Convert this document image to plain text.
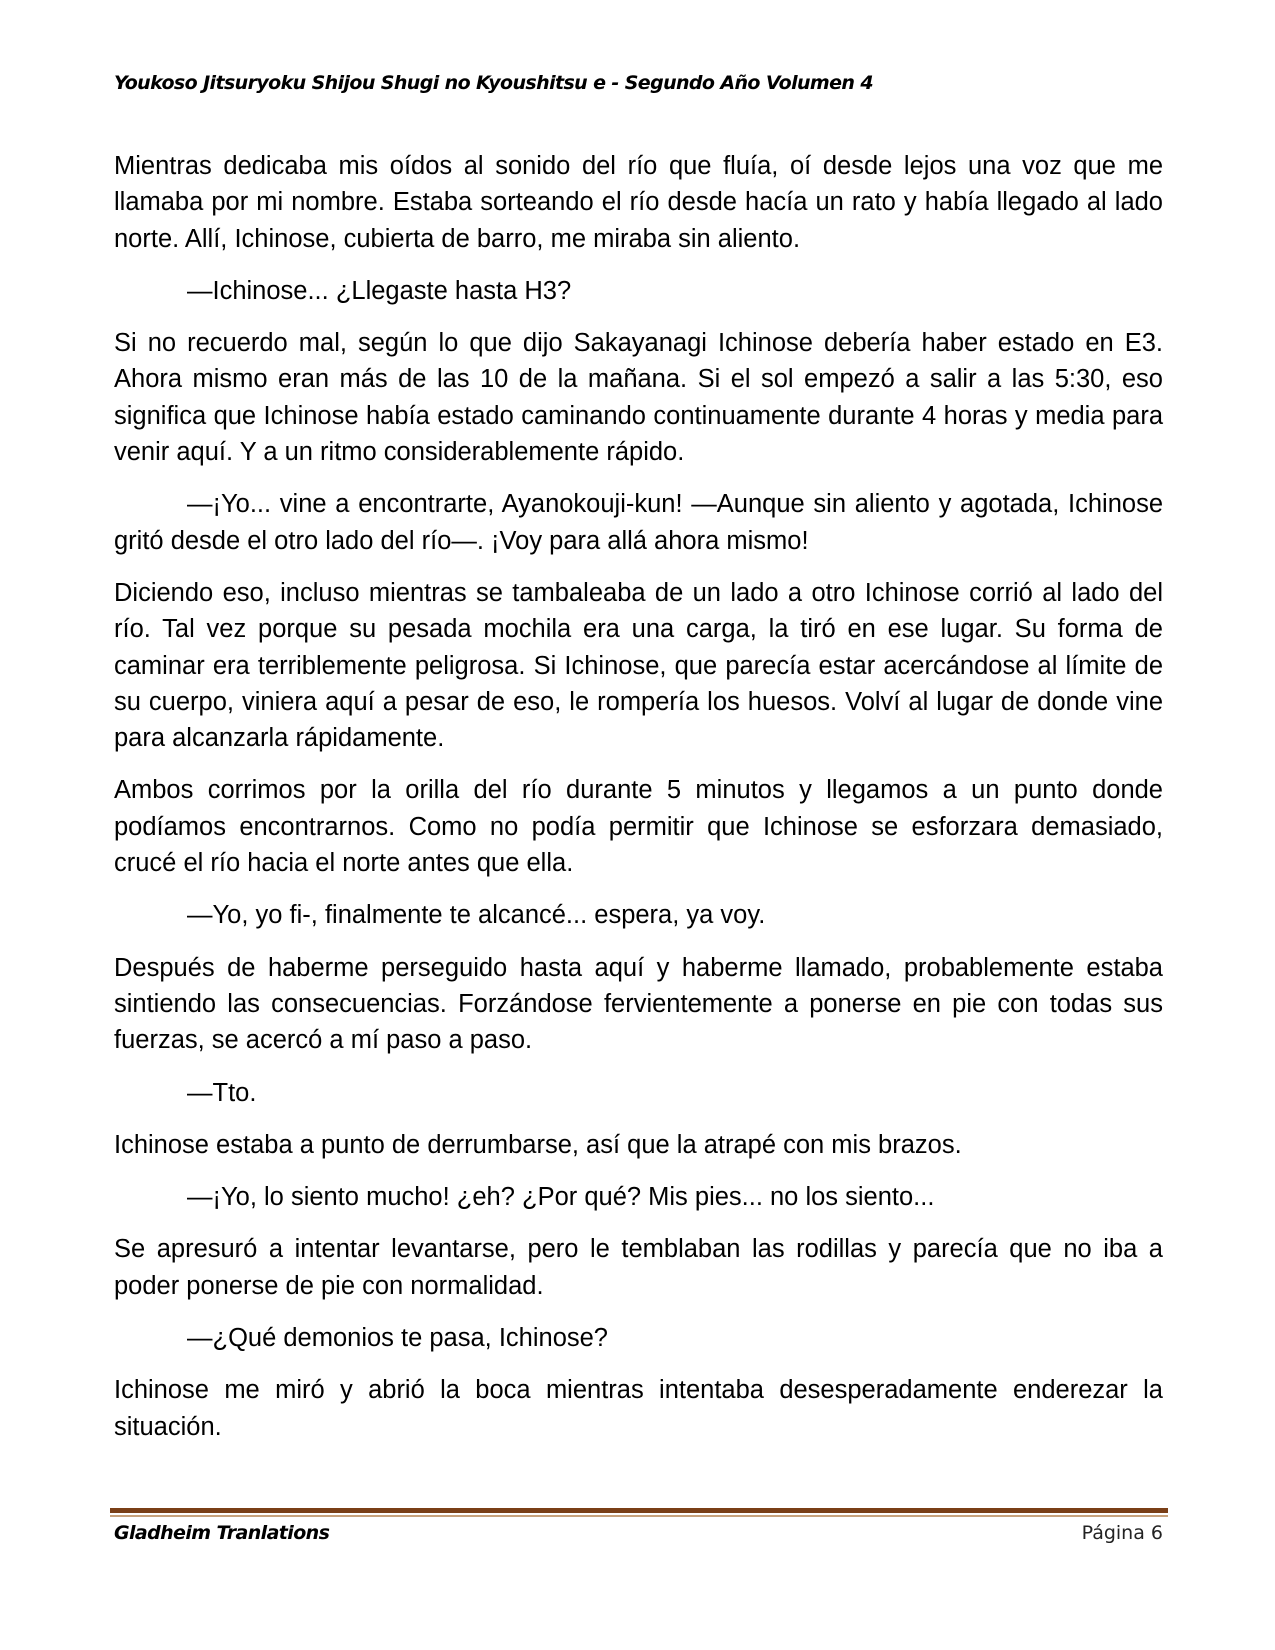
Youkoso Jitsuryoku Shijou Shugi no Kyoushitsu e - Segundo Año Volumen 4

Mientras dedicaba mis oídos al sonido del río que fluía, oí desde lejos una voz que me llamaba por mi nombre. Estaba sorteando el río desde hacía un rato y había llegado al lado norte. Allí, Ichinose, cubierta de barro, me miraba sin aliento.

—Ichinose... ¿Llegaste hasta H3?

Si no recuerdo mal, según lo que dijo Sakayanagi Ichinose debería haber estado en E3. Ahora mismo eran más de las 10 de la mañana. Si el sol empezó a salir a las 5:30, eso significa que Ichinose había estado caminando continuamente durante 4 horas y media para venir aquí. Y a un ritmo considerablemente rápido.

—¡Yo... vine a encontrarte, Ayanokouji-kun! —Aunque sin aliento y agotada, Ichinose gritó desde el otro lado del río—. ¡Voy para allá ahora mismo!

Diciendo eso, incluso mientras se tambaleaba de un lado a otro Ichinose corrió al lado del río. Tal vez porque su pesada mochila era una carga, la tiró en ese lugar. Su forma de caminar era terriblemente peligrosa. Si Ichinose, que parecía estar acercándose al límite de su cuerpo, viniera aquí a pesar de eso, le rompería los huesos. Volví al lugar de donde vine para alcanzarla rápidamente.

Ambos corrimos por la orilla del río durante 5 minutos y llegamos a un punto donde podíamos encontrarnos. Como no podía permitir que Ichinose se esforzara demasiado, crucé el río hacia el norte antes que ella.

—Yo, yo fi-, finalmente te alcancé... espera, ya voy.

Después de haberme perseguido hasta aquí y haberme llamado, probablemente estaba sintiendo las consecuencias. Forzándose fervientemente a ponerse en pie con todas sus fuerzas, se acercó a mí paso a paso.

—Tto.

Ichinose estaba a punto de derrumbarse, así que la atrapé con mis brazos.

—¡Yo, lo siento mucho! ¿eh? ¿Por qué? Mis pies... no los siento...

Se apresuró a intentar levantarse, pero le temblaban las rodillas y parecía que no iba a poder ponerse de pie con normalidad.

—¿Qué demonios te pasa, Ichinose?

Ichinose me miró y abrió la boca mientras intentaba desesperadamente enderezar la situación.

Gladheim Tranlations	Página 6
